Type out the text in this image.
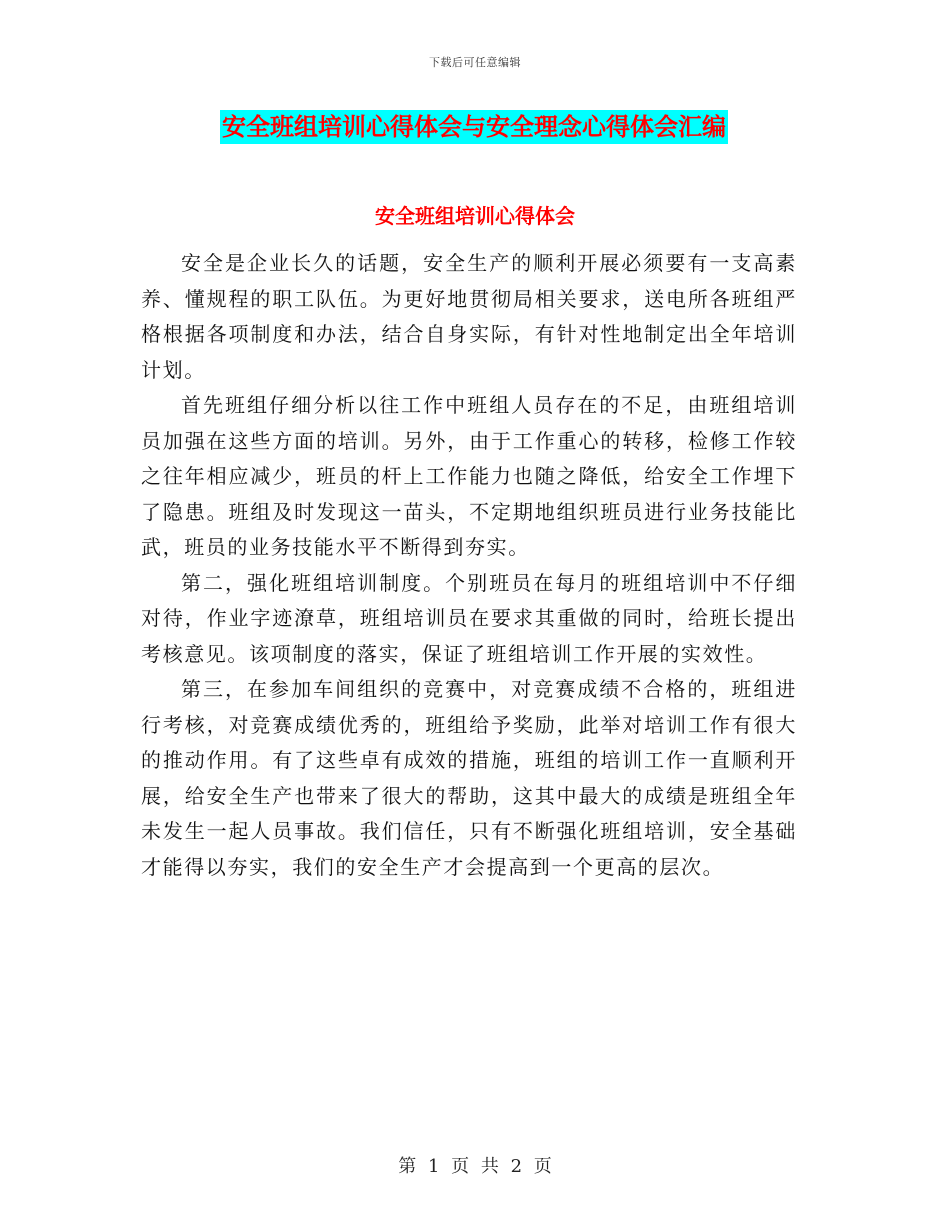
下载后可任意编辑
安全班组培训心得体会与安全理念心得体会汇编
安全班组培训心得体会

安全是企业长久的话题，安全生产的顺利开展必须要有一支高素养、懂规程的职工队伍。为更好地贯彻局相关要求，送电所各班组严格根据各项制度和办法，结合自身实际，有针对性地制定出全年培训计划。

首先班组仔细分析以往工作中班组人员存在的不足，由班组培训员加强在这些方面的培训。另外，由于工作重心的转移，检修工作较之往年相应减少，班员的杆上工作能力也随之降低，给安全工作埋下了隐患。班组及时发现这一苗头，不定期地组织班员进行业务技能比武，班员的业务技能水平不断得到夯实。

第二，强化班组培训制度。个别班员在每月的班组培训中不仔细对待，作业字迹潦草，班组培训员在要求其重做的同时，给班长提出考核意见。该项制度的落实，保证了班组培训工作开展的实效性。

第三，在参加车间组织的竞赛中，对竞赛成绩不合格的，班组进行考核，对竞赛成绩优秀的，班组给予奖励，此举对培训工作有很大的推动作用。有了这些卓有成效的措施，班组的培训工作一直顺利开展，给安全生产也带来了很大的帮助，这其中最大的成绩是班组全年未发生一起人员事故。我们信任，只有不断强化班组培训，安全基础才能得以夯实，我们的安全生产才会提高到一个更高的层次。

第 1 页 共 2 页
